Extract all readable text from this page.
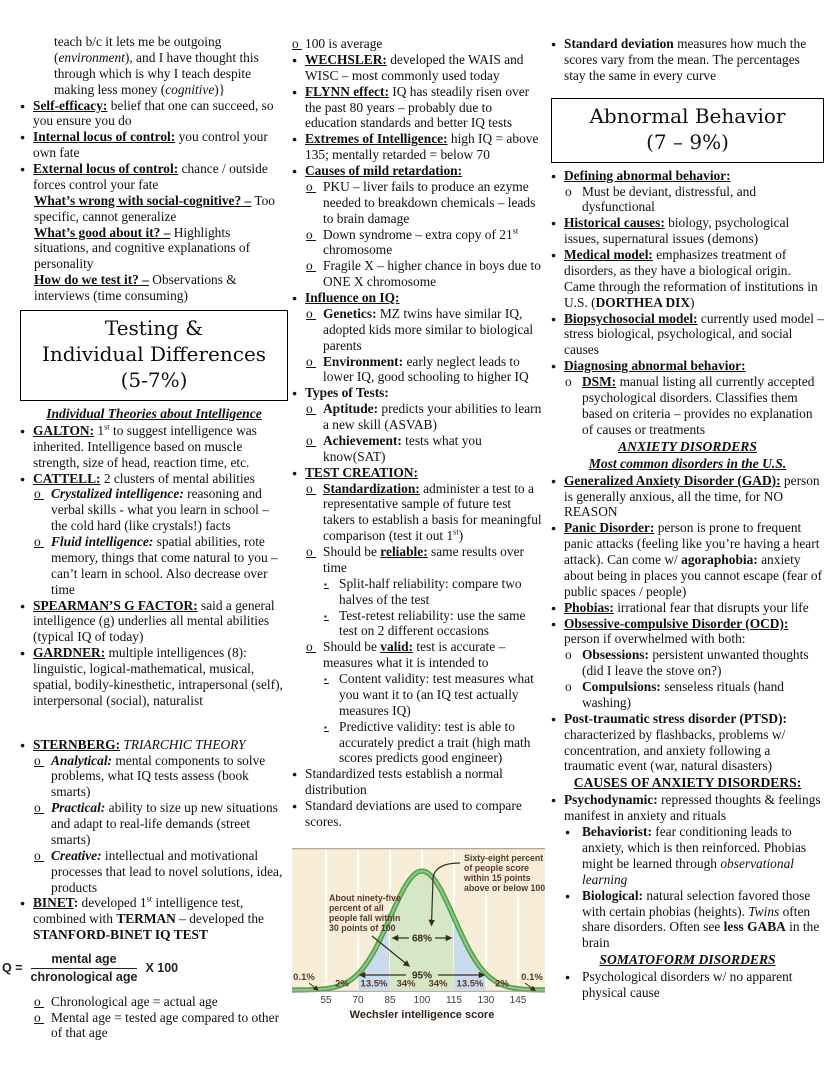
teach b/c it lets me be outgoing (environment), and I have thought this through which is why I teach despite making less money (cognitive)}
● Self-efficacy: belief that one can succeed, so you ensure you do
● Internal locus of control: you control your own fate
● External locus of control: chance / outside forces control your fate
What’s wrong with social-cognitive? – Too specific, cannot generalize
What’s good about it? – Highlights situations, and cognitive explanations of personality
How do we test it? – Observations & interviews (time consuming)
Testing &
Individual Differences
(5-7%)
Individual Theories about Intelligence
● GALTON: 1st to suggest intelligence was inherited. Intelligence based on muscle strength, size of head, reaction time, etc.
● CATTELL: 2 clusters of mental abilities
o Crystalized intelligence: reasoning and verbal skills - what you learn in school – the cold hard (like crystals!) facts
o Fluid intelligence: spatial abilities, rote memory, things that come natural to you – can’t learn in school. Also decrease over time
● SPEARMAN’S G FACTOR: said a general intelligence (g) underlies all mental abilities (typical IQ of today)
● GARDNER: multiple intelligences (8): linguistic, logical-mathematical, musical, spatial, bodily-kinesthetic, intrapersonal (self), interpersonal (social), naturalist
● STERNBERG: TRIARCHIC THEORY
o Analytical: mental components to solve problems, what IQ tests assess (book smarts)
o Practical: ability to size up new situations and adapt to real-life demands (street smarts)
o Creative: intellectual and motivational processes that lead to novel solutions, idea, products
● BINET: developed 1st intelligence test, combined with TERMAN – developed the STANFORD-BINET IQ TEST
$Q = \frac{\text{mental age}}{\text{chronological age}}$ X 100
o Chronological age = actual age
o Mental age = tested age compared to other of that age
o 100 is average
● WECHSLER: developed the WAIS and WISC – most commonly used today
● FLYNN effect: IQ has steadily risen over the past 80 years – probably due to education standards and better IQ tests
● Extremes of Intelligence: high IQ = above 135; mentally retarded = below 70
● Causes of mild retardation:
o PKU – liver fails to produce an ezyme needed to breakdown chemicals – leads to brain damage
o Down syndrome – extra copy of 21st chromosome
o Fragile X – higher chance in boys due to ONE X chromosome
● Influence on IQ:
o Genetics: MZ twins have similar IQ, adopted kids more similar to biological parents
o Environment: early neglect leads to lower IQ, good schooling to higher IQ
● Types of Tests:
o Aptitude: predicts your abilities to learn a new skill (ASVAB)
o Achievement: tests what you know(SAT)
● TEST CREATION:
o Standardization: administer a test to a representative sample of future test takers to establish a basis for meaningful comparison (test it out 1st)
o Should be reliable: same results over time
▪ Split-half reliability: compare two halves of the test
▪ Test-retest reliability: use the same test on 2 different occasions
o Should be valid: test is accurate – measures what it is intended to
▪ Content validity: test measures what you want it to (an IQ test actually measures IQ)
▪ Predictive validity: test is able to accurately predict a trait (high math scores predicts good engineer)
● Standardized tests establish a normal distribution
● Standard deviations are used to compare scores.
68%
95%
0.1%
2% 13.5% 34% 34% 13.5% 2%
0.1%
55 70 85 100 115 130 145
Wechsler intelligence score
About ninety-five
percent of all
people fall within
30 points of 100
Sixty-eight percent
of people score
within 15 points
above or below 100
● Standard deviation measures how much the scores vary from the mean. The percentages stay the same in every curve
Abnormal Behavior
(7 – 9%)
● Defining abnormal behavior:
o Must be deviant, distressful, and dysfunctional
● Historical causes: biology, psychological issues, supernatural issues (demons)
● Medical model: emphasizes treatment of disorders, as they have a biological origin. Came through the reformation of institutions in U.S. (DORTHEA DIX)
● Biopsychosocial model: currently used model – stress biological, psychological, and social causes
● Diagnosing abnormal behavior:
o DSM: manual listing all currently accepted psychological disorders. Classifies them based on criteria – provides no explanation of causes or treatments
ANXIETY DISORDERS
Most common disorders in the U.S.
● Generalized Anxiety Disorder (GAD): person is generally anxious, all the time, for NO REASON
● Panic Disorder: person is prone to frequent panic attacks (feeling like you’re having a heart attack). Can come w/ agoraphobia: anxiety about being in places you cannot escape (fear of public spaces / people)
● Phobias: irrational fear that disrupts your life
● Obsessive-compulsive Disorder (OCD): person if overwhelmed with both:
o Obsessions: persistent unwanted thoughts (did I leave the stove on?)
o Compulsions: senseless rituals (hand washing)
● Post-traumatic stress disorder (PTSD): characterized by flashbacks, problems w/ concentration, and anxiety following a traumatic event (war, natural disasters)
CAUSES OF ANXIETY DISORDERS:
● Psychodynamic: repressed thoughts & feelings manifest in anxiety and rituals
● Behaviorist: fear conditioning leads to anxiety, which is then reinforced. Phobias might be learned through observational learning
● Biological: natural selection favored those with certain phobias (heights). Twins often share disorders. Often see less GABA in the brain
SOMATOFORM DISORDERS
● Psychological disorders w/ no apparent physical cause
